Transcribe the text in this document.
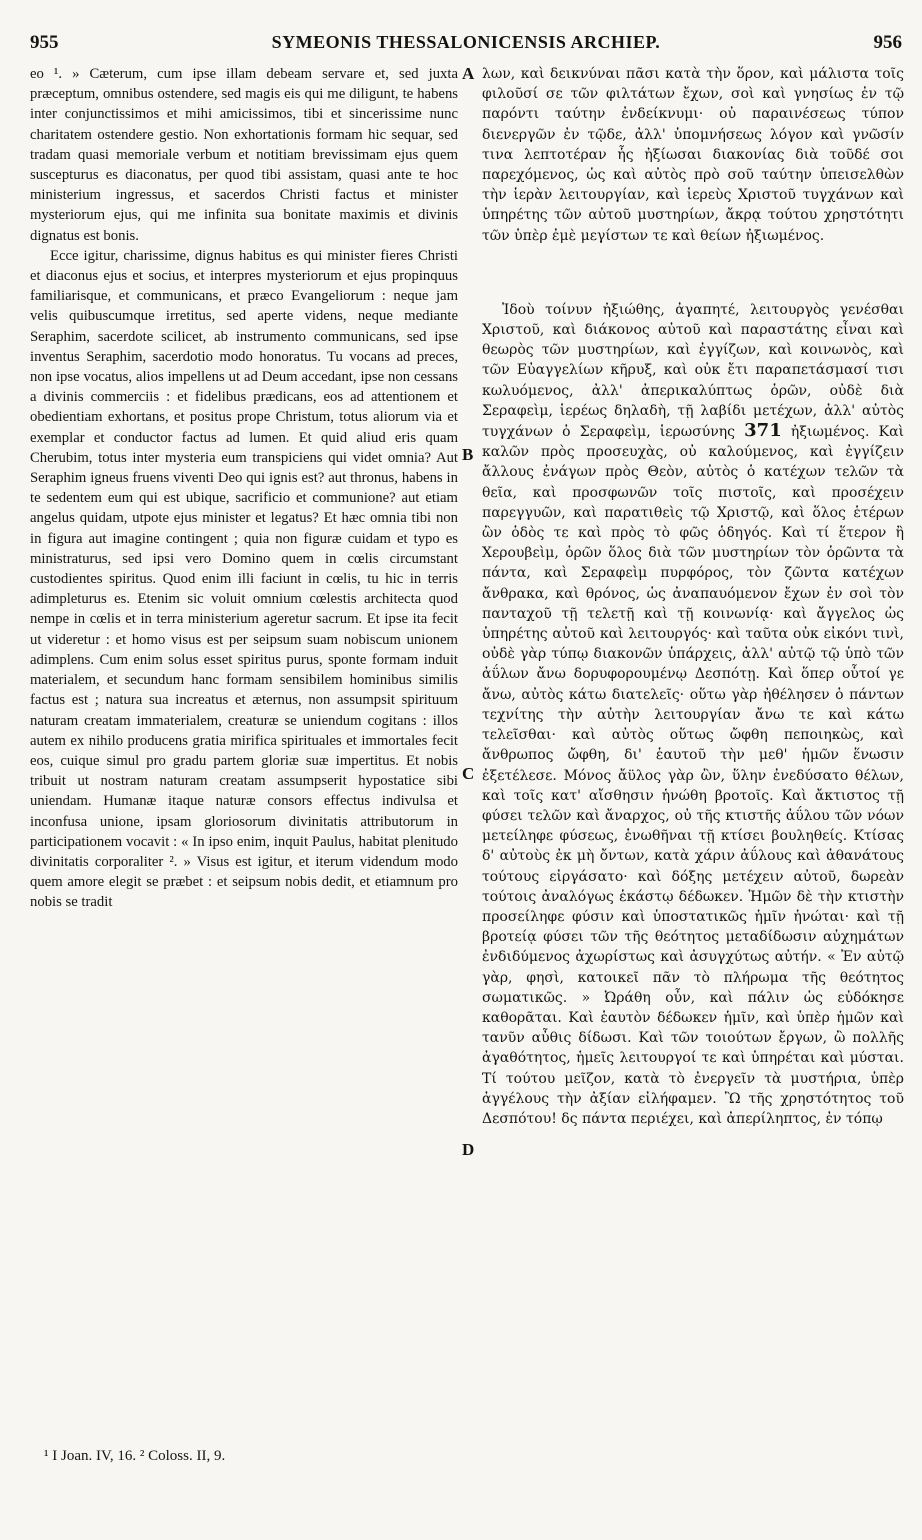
955	SYMEONIS THESSALONICENSIS ARCHIEP.	956

eo ¹. » Cæterum, cum ipse illam debeam servare et, sed juxta præceptum, omnibus ostendere, sed magis eis qui me diligunt, te habens inter conjunctissimos et mihi amicissimos, tibi et sincerissime nunc charitatem ostendere gestio. Non exhortationis formam hic sequar, sed tradam quasi memoriale verbum et notitiam brevissimam ejus quem suscepturus es diaconatus, per quod tibi assistam, quasi ante te hoc ministerium ingressus, et sacerdos Christi factus et minister mysteriorum ejus, qui me infinita sua bonitate maximis et divinis dignatus est bonis.

Ecce igitur, charissime, dignus habitus es qui minister fieres Christi et diaconus ejus et socius, et interpres mysteriorum et ejus propinquus familiarisque, et communicans, et præco Evangeliorum : neque jam velis quibuscumque irretitus, sed aperte videns, neque mediante Seraphim, sacerdote scilicet, ab instrumento communicans, sed ipse inventus Seraphim, sacerdotio modo honoratus. Tu vocans ad preces, non ipse vocatus, alios impellens ut ad Deum accedant, ipse non cessans a divinis commerciis : et fidelibus prædicans, eos ad attentionem et obedientiam exhortans, et positus prope Christum, totus aliorum via et exemplar et conductor factus ad lumen. Et quid aliud eris quam Cherubim, totus inter mysteria eum transpiciens qui videt omnia? Aut Seraphim igneus fruens viventi Deo qui ignis est? aut thronus, habens in te sedentem eum qui est ubique, sacrificio et communione? aut etiam angelus quidam, utpote ejus minister et legatus? Et hæc omnia tibi non in figura aut imagine contingent ; quia non figuræ cuidam et typo es ministraturus, sed ipsi vero Domino quem in cœlis circumstant custodientes spiritus. Quod enim illi faciunt in cœlis, tu hic in terris adimpleturus es. Etenim sic voluit omnium cœlestis architecta quod nempe in cœlis et in terra ministerium ageretur sacrum. Et ipse ita fecit ut videretur : et homo visus est per seipsum suam nobiscum unionem adimplens. Cum enim solus esset spiritus purus, sponte formam induit materialem, et secundum hanc formam sensibilem hominibus similis factus est ; natura sua increatus et æternus, non assumpsit spirituum naturam creatam immaterialem, creaturæ se uniendum cogitans : illos autem ex nihilo producens gratia mirifica spirituales et immortales fecit eos, cuique simul pro gradu partem gloriæ suæ impertitus. Et nobis tribuit ut nostram naturam creatam assumpserit hypostatice sibi uniendam. Humanæ itaque naturæ consors effectus indivulsa et inconfusa unione, ipsam gloriosorum divinitatis attributorum in participationem vocavit : « In ipso enim, inquit Paulus, habitat plenitudo divinitatis corporaliter ². » Visus est igitur, et iterum videndum modo quem amore elegit se præbet : et seipsum nobis dedit, et etiamnum pro nobis se tradit

A
B
C
D

λων, καὶ δεικνύναι πᾶσι κατὰ τὴν ὅρον, καὶ μάλιστα τοῖς φιλοῦσί σε τῶν φιλτάτων ἔχων, σοὶ καὶ γνησίως ἐν τῷ παρόντι ταύτην ἐνδείκνυμι· οὐ παραινέσεως τύπον διενεργῶν ἐν τῷδε, ἀλλ' ὑπομνήσεως λόγον καὶ γνῶσίν τινα λεπτοτέραν ἧς ἠξίωσαι διακονίας διὰ τοῦδέ σοι παρεχόμενος, ὡς καὶ αὐτὸς πρὸ σοῦ ταύτην ὑπεισελθὼν τὴν ἱερὰν λειτουργίαν, καὶ ἱερεὺς Χριστοῦ τυγχάνων καὶ ὑπηρέτης τῶν αὐτοῦ μυστηρίων, ἄκρᾳ τούτου χρηστότητι τῶν ὑπὲρ ἐμὲ μεγίστων τε καὶ θείων ἠξιωμένος.

Ἰδοὺ τοίνυν ἠξιώθης, ἀγαπητέ, λειτουργὸς γενέσθαι Χριστοῦ, καὶ διάκονος αὐτοῦ καὶ παραστάτης εἶναι καὶ θεωρὸς τῶν μυστηρίων, καὶ ἐγγίζων, καὶ κοινωνὸς, καὶ τῶν Εὐαγγελίων κῆρυξ, καὶ οὐκ ἔτι παραπετάσμασί τισι κωλυόμενος, ἀλλ' ἀπερικαλύπτως ὁρῶν, οὐδὲ διὰ Σεραφεὶμ, ἱερέως δηλαδὴ, τῇ λαβίδι μετέχων, ἀλλ' αὐτὸς τυγχάνων ὁ Σεραφεὶμ, ἱερωσύνης 371 ἠξιωμένος. Καὶ καλῶν πρὸς προσευχὰς, οὐ καλούμενος, καὶ ἐγγίζειν ἄλλους ἐνάγων πρὸς Θεὸν, αὐτὸς ὁ κατέχων τελῶν τὰ θεῖα, καὶ προσφωνῶν τοῖς πιστοῖς, καὶ προσέχειν παρεγγυῶν, καὶ παρατιθεὶς τῷ Χριστῷ, καὶ ὅλος ἑτέρων ὢν ὁδὸς τε καὶ πρὸς τὸ φῶς ὁδηγός. Καὶ τί ἕτερον ἢ Χερουβεὶμ, ὁρῶν ὅλος διὰ τῶν μυστηρίων τὸν ὁρῶντα τὰ πάντα, καὶ Σεραφεὶμ πυρφόρος, τὸν ζῶντα κατέχων ἄνθρακα, καὶ θρόνος, ὡς ἀναπαυόμενον ἔχων ἐν σοὶ τὸν πανταχοῦ τῇ τελετῇ καὶ τῇ κοινωνίᾳ· καὶ ἄγγελος ὡς ὑπηρέτης αὐτοῦ καὶ λειτουργός· καὶ ταῦτα οὐκ εἰκόνι τινὶ, οὐδὲ γὰρ τύπῳ διακονῶν ὑπάρχεις, ἀλλ' αὐτῷ τῷ ὑπὸ τῶν ἀΰλων ἄνω δορυφορουμένῳ Δεσπότῃ. Καὶ ὅπερ οὗτοί γε ἄνω, αὐτὸς κάτω διατελεῖς· οὕτω γὰρ ἠθέλησεν ὁ πάντων τεχνίτης τὴν αὐτὴν λειτουργίαν ἄνω τε καὶ κάτω τελεῖσθαι· καὶ αὐτὸς οὕτως ὤφθη πεποιηκὼς, καὶ ἄνθρωπος ὤφθη, δι' ἑαυτοῦ τὴν μεθ' ἡμῶν ἕνωσιν ἐξετέλεσε. Μόνος ἄϋλος γὰρ ὢν, ὕλην ἐνεδύσατο θέλων, καὶ τοῖς κατ' αἴσθησιν ἡνώθη βροτοῖς. Καὶ ἄκτιστος τῇ φύσει τελῶν καὶ ἄναρχος, οὐ τῆς κτιστῆς ἀΰλου τῶν νόων μετείληφε φύσεως, ἑνωθῆναι τῇ κτίσει βουληθείς. Κτίσας δ' αὐτοὺς ἐκ μὴ ὄντων, κατὰ χάριν ἀΰλους καὶ ἀθανάτους τούτους εἰργάσατο· καὶ δόξης μετέχειν αὐτοῦ, δωρεὰν τούτοις ἀναλόγως ἑκάστῳ δέδωκεν. Ἡμῶν δὲ τὴν κτιστὴν προσείληφε φύσιν καὶ ὑποστατικῶς ἡμῖν ἡνώται· καὶ τῇ βροτείᾳ φύσει τῶν τῆς θεότητος μεταδίδωσιν αὐχημάτων ἐνδιδύμενος ἀχωρίστως καὶ ἀσυγχύτως αὐτήν. « Ἐν αὐτῷ γὰρ, φησὶ, κατοικεῖ πᾶν τὸ πλήρωμα τῆς θεότητος σωματικῶς. » Ὠράθη οὖν, καὶ πάλιν ὡς εὐδόκησε καθορᾶται. Καὶ ἑαυτὸν δέδωκεν ἡμῖν, καὶ ὑπὲρ ἡμῶν καὶ τανῦν αὖθις δίδωσι. Καὶ τῶν τοιούτων ἔργων, ὢ πολλῆς ἀγαθότητος, ἡμεῖς λειτουργοί τε καὶ ὑπηρέται καὶ μύσται. Τί τούτου μεῖζον, κατὰ τὸ ἐνεργεῖν τὰ μυστήρια, ὑπὲρ ἀγγέλους τὴν ἀξίαν εἰλήφαμεν. Ὢ τῆς χρηστότητος τοῦ Δεσπότου! δς πάντα περιέχει, καὶ ἀπερίληπτος, ἐν τόπῳ

¹ I Joan. IV, 16. ² Coloss. II, 9.
